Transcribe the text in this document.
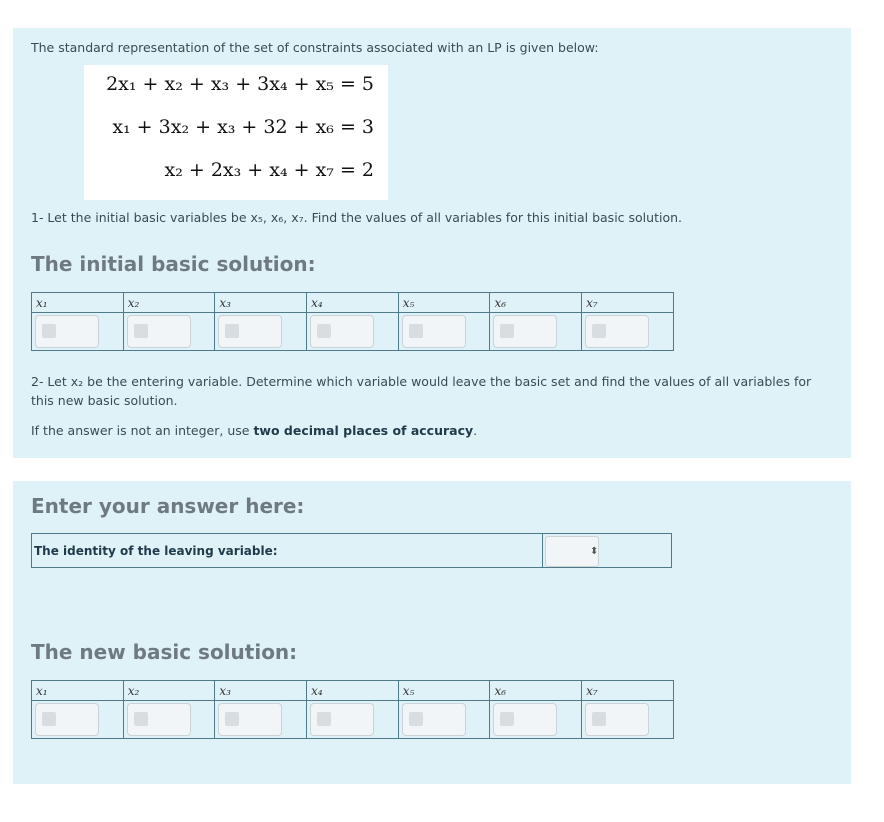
The standard representation of the set of constraints associated with an LP is given below:
2x₁ + x₂ + x₃ + 3x₄ + x₅ = 5
x₁ + 3x₂ + x₃ + 32 + x₆ = 3
x₂ + 2x₃ + x₄ + x₇ = 2
1- Let the initial basic variables be x₅, x₆, x₇. Find the values of all variables for this initial basic solution.
The initial basic solution:
x₁	x₂	x₃	x₄	x₅	x₆	x₇

2- Let x₂ be the entering variable. Determine which variable would leave the basic set and find the values of all variables for this new basic solution.
If the answer is not an integer, use two decimal places of accuracy.
Enter your answer here:
The identity of the leaving variable:	⬍
The new basic solution:
x₁	x₂	x₃	x₄	x₅	x₆	x₇
